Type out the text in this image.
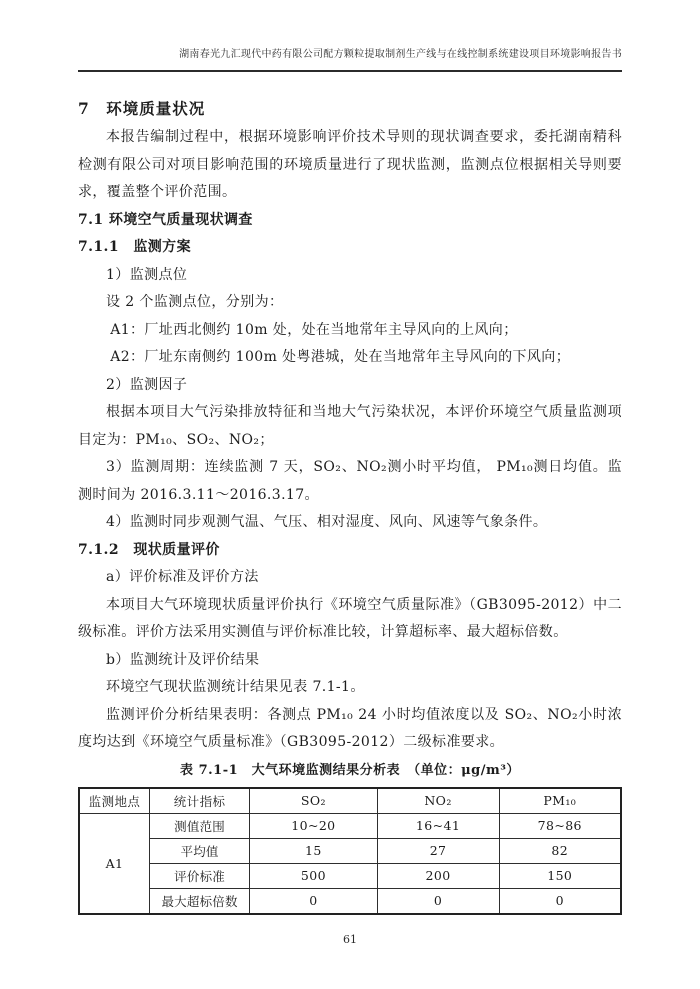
湖南春光九汇现代中药有限公司配方颗粒提取制剂生产线与在线控制系统建设项目环境影响报告书
7　环境质量状况

本报告编制过程中，根据环境影响评价技术导则的现状调查要求，委托湖南精科检测有限公司对项目影响范围的环境质量进行了现状监测，监测点位根据相关导则要求，覆盖整个评价范围。

7.1 环境空气质量现状调查

7.1.1　监测方案

1）监测点位

设 2 个监测点位，分别为：

A1：厂址西北侧约 10m 处，处在当地常年主导风向的上风向；

A2：厂址东南侧约 100m 处粤港城，处在当地常年主导风向的下风向；

2）监测因子

根据本项目大气污染排放特征和当地大气污染状况，本评价环境空气质量监测项目定为：PM₁₀、SO₂、NO₂；

3）监测周期：连续监测 7 天，SO₂、NO₂测小时平均值， PM₁₀测日均值。监测时间为 2016.3.11～2016.3.17。

4）监测时同步观测气温、气压、相对湿度、风向、风速等气象条件。

7.1.2　现状质量评价

a）评价标准及评价方法

本项目大气环境现状质量评价执行《环境空气质量际准》（GB3095-2012）中二级标准。评价方法采用实测值与评价标准比较，计算超标率、最大超标倍数。

b）监测统计及评价结果

环境空气现状监测统计结果见表 7.1-1。

监测评价分析结果表明：各测点 PM₁₀ 24 小时均值浓度以及 SO₂、NO₂小时浓度均达到《环境空气质量标准》（GB3095-2012）二级标准要求。

表 7.1-1　大气环境监测结果分析表　（单位：μg/m³）

监测地点	统计指标	SO₂	NO₂	PM₁₀
A1	测值范围	10~20	16~41	78~86
	平均值	15	27	82
	评价标准	500	200	150
	最大超标倍数	0	0	0
61
